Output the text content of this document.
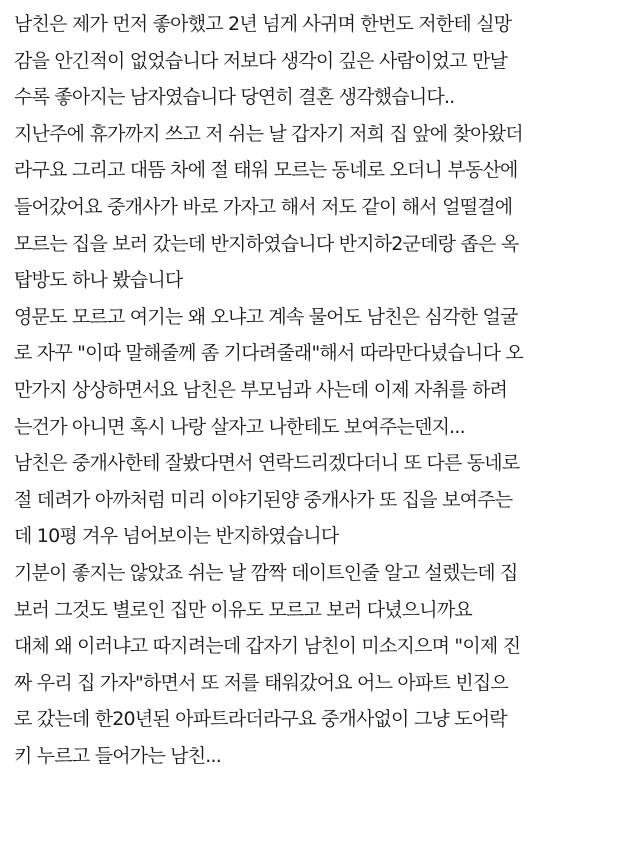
남친은 제가 먼저 좋아했고 2년 넘게 사귀며 한번도 저한테 실망
감을 안긴적이 없었습니다 저보다 생각이 깊은 사람이었고 만날
수록 좋아지는 남자였습니다 당연히 결혼 생각했습니다..
지난주에 휴가까지 쓰고 저 쉬는 날 갑자기 저희 집 앞에 찾아왔더
라구요 그리고 대뜸 차에 절 태워 모르는 동네로 오더니 부동산에
들어갔어요 중개사가 바로 가자고 해서 저도 같이 해서 얼떨결에
모르는 집을 보러 갔는데 반지하였습니다 반지하2군데랑 좁은 옥
탑방도 하나 봤습니다
영문도 모르고 여기는 왜 오냐고 계속 물어도 남친은 심각한 얼굴
로 자꾸 "이따 말해줄께 좀 기다려줄래"해서 따라만다녔습니다 오
만가지 상상하면서요 남친은 부모님과 사는데 이제 자취를 하려
는건가 아니면 혹시 나랑 살자고 나한테도 보여주는덴지...
남친은 중개사한테 잘봤다면서 연락드리겠다더니 또 다른 동네로
절 데려가 아까처럼 미리 이야기된양 중개사가 또 집을 보여주는
데 10평 겨우 넘어보이는 반지하였습니다
기분이 좋지는 않았죠 쉬는 날 깜짝 데이트인줄 알고 설렜는데 집
보러 그것도 별로인 집만 이유도 모르고 보러 다녔으니까요
대체 왜 이러냐고 따지려는데 갑자기 남친이 미소지으며 "이제 진
짜 우리 집 가자"하면서 또 저를 태워갔어요 어느 아파트 빈집으
로 갔는데 한20년된 아파트라더라구요 중개사없이 그냥 도어락
키 누르고 들어가는 남친...
